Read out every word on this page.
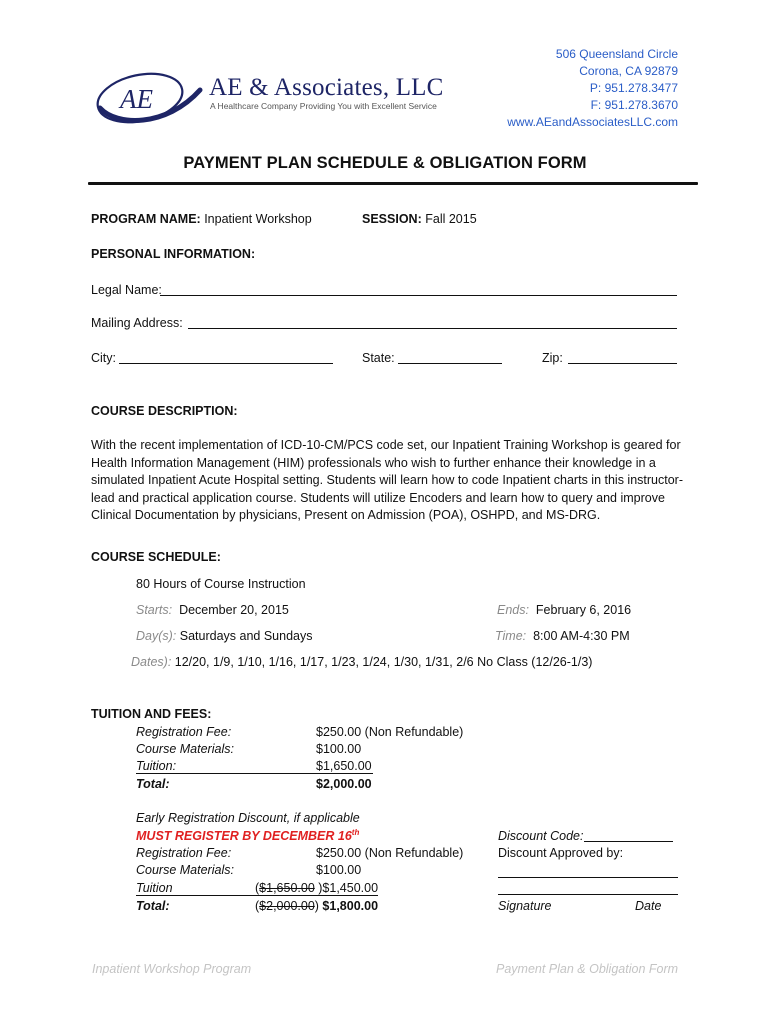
AE AE & Associates, LLC
A Healthcare Company Providing You with Excellent Service
506 Queensland Circle
Corona, CA 92879
P: 951.278.3477
F: 951.278.3670
www.AEandAssociatesLLC.com
PAYMENT PLAN SCHEDULE & OBLIGATION FORM
PROGRAM NAME: Inpatient Workshop	SESSION: Fall 2015
PERSONAL INFORMATION:
Legal Name:
Mailing Address:
City:	State:	Zip:
COURSE DESCRIPTION:
With the recent implementation of ICD-10-CM/PCS code set, our Inpatient Training Workshop is geared for Health Information Management (HIM) professionals who wish to further enhance their knowledge in a simulated Inpatient Acute Hospital setting. Students will learn how to code Inpatient charts in this instructor-lead and practical application course. Students will utilize Encoders and learn how to query and improve Clinical Documentation by physicians, Present on Admission (POA), OSHPD, and MS-DRG.
COURSE SCHEDULE:
80 Hours of Course Instruction
Starts: December 20, 2015	Ends: February 6, 2016
Day(s): Saturdays and Sundays	Time: 8:00 AM-4:30 PM
Dates): 12/20, 1/9, 1/10, 1/16, 1/17, 1/23, 1/24, 1/30, 1/31, 2/6 No Class (12/26-1/3)
TUITION AND FEES:
Registration Fee:	$250.00 (Non Refundable)
Course Materials:	$100.00
Tuition:	$1,650.00
Total:	$2,000.00
Early Registration Discount, if applicable
MUST REGISTER BY DECEMBER 16th
Registration Fee:	$250.00 (Non Refundable)
Course Materials:	$100.00
Tuition	($1,650.00 )$1,450.00
Total:	($2,000.00) $1,800.00
Discount Code:
Discount Approved by:
Signature	Date
Inpatient Workshop Program	Payment Plan & Obligation Form
